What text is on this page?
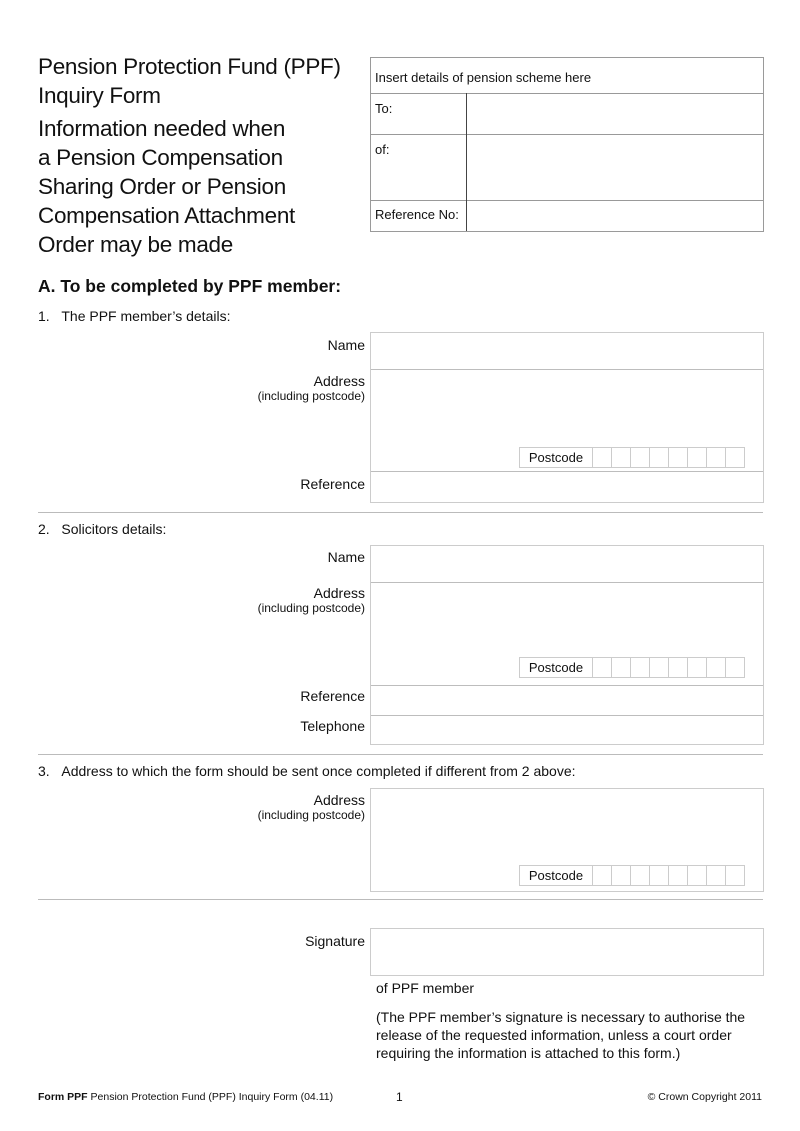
Pension Protection Fund (PPF)
Inquiry Form
Information needed when
a Pension Compensation
Sharing Order or Pension
Compensation Attachment
Order may be made
Insert details of pension scheme here
To:
of:
Reference No:
A. To be completed by PPF member:
1. The PPF member’s details:
Name
Address
(including postcode)
Reference
Postcode
2. Solicitors details:
Name
Address
(including postcode)
Reference
Telephone
Postcode
3. Address to which the form should be sent once completed if different from 2 above:
Address
(including postcode)
Postcode
Signature
of PPF member
(The PPF member’s signature is necessary to authorise the
release of the requested information, unless a court order
requiring the information is attached to this form.)
Form PPF Pension Protection Fund (PPF) Inquiry Form (04.11)	1	© Crown Copyright 2011
